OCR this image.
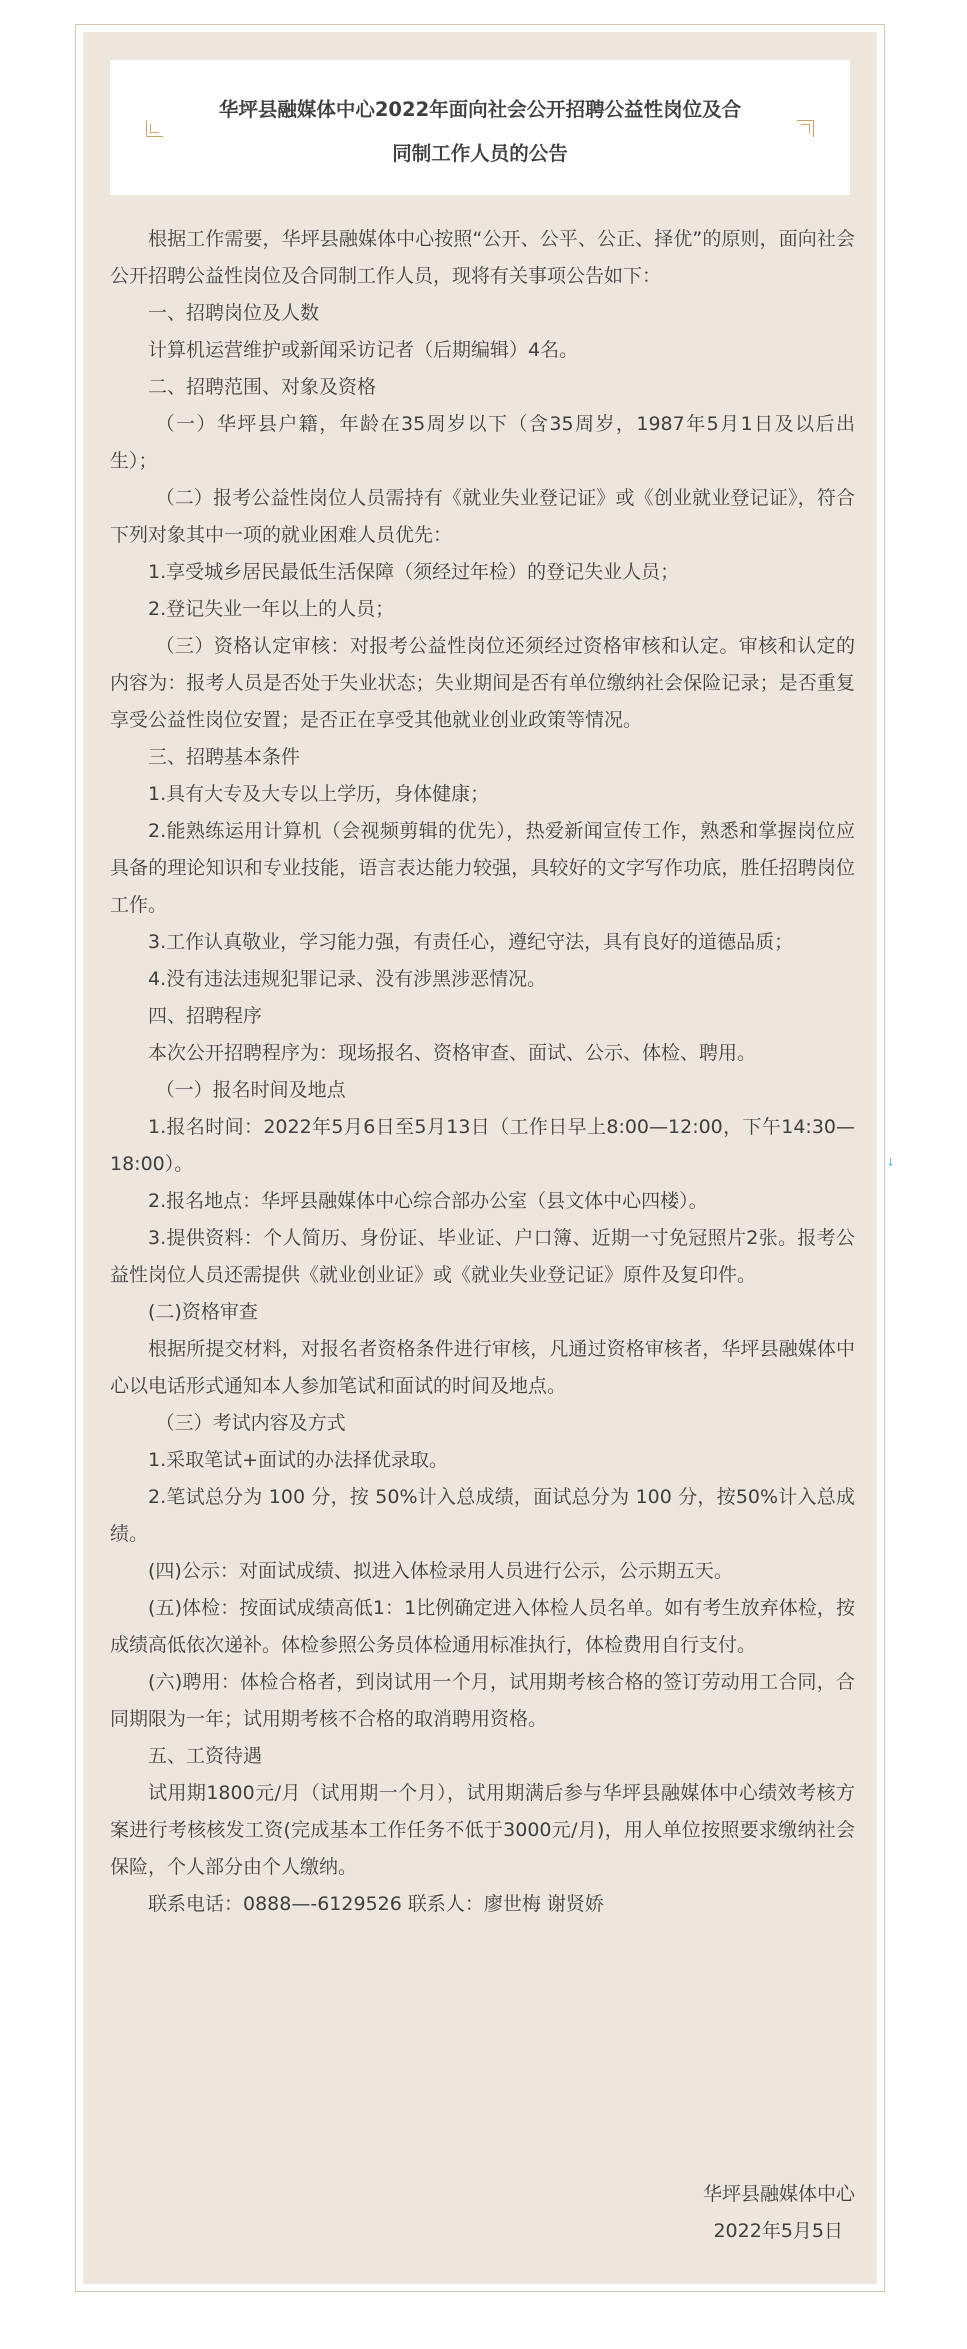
华坪县融媒体中心2022年面向社会公开招聘公益性岗位及合
同制工作人员的公告

根据工作需要，华坪县融媒体中心按照“公开、公平、公正、择优”的原则，面向社会公开招聘公益性岗位及合同制工作人员，现将有关事项公告如下：

一、招聘岗位及人数

计算机运营维护或新闻采访记者（后期编辑）4名。

二、招聘范围、对象及资格

（一）华坪县户籍，年龄在35周岁以下（含35周岁，1987年5月1日及以后出生）；

（二）报考公益性岗位人员需持有《就业失业登记证》或《创业就业登记证》，符合下列对象其中一项的就业困难人员优先：

1.享受城乡居民最低生活保障（须经过年检）的登记失业人员；

2.登记失业一年以上的人员；

（三）资格认定审核：对报考公益性岗位还须经过资格审核和认定。审核和认定的内容为：报考人员是否处于失业状态；失业期间是否有单位缴纳社会保险记录；是否重复享受公益性岗位安置；是否正在享受其他就业创业政策等情况。

三、招聘基本条件

1.具有大专及大专以上学历，身体健康；

2.能熟练运用计算机（会视频剪辑的优先），热爱新闻宣传工作，熟悉和掌握岗位应具备的理论知识和专业技能，语言表达能力较强，具较好的文字写作功底，胜任招聘岗位工作。

3.工作认真敬业，学习能力强，有责任心，遵纪守法，具有良好的道德品质；

4.没有违法违规犯罪记录、没有涉黑涉恶情况。

四、招聘程序

本次公开招聘程序为：现场报名、资格审查、面试、公示、体检、聘用。

（一）报名时间及地点

1.报名时间：2022年5月6日至5月13日（工作日早上8:00—12:00，下午14:30—18:00）。

2.报名地点：华坪县融媒体中心综合部办公室（县文体中心四楼）。

3.提供资料：个人简历、身份证、毕业证、户口簿、近期一寸免冠照片2张。报考公益性岗位人员还需提供《就业创业证》或《就业失业登记证》原件及复印件。

(二)资格审查

根据所提交材料，对报名者资格条件进行审核，凡通过资格审核者，华坪县融媒体中心以电话形式通知本人参加笔试和面试的时间及地点。

（三）考试内容及方式

1.采取笔试+面试的办法择优录取。

2.笔试总分为 100 分，按 50%计入总成绩，面试总分为 100 分，按50%计入总成绩。

(四)公示：对面试成绩、拟进入体检录用人员进行公示，公示期五天。

(五)体检：按面试成绩高低1：1比例确定进入体检人员名单。如有考生放弃体检，按成绩高低依次递补。体检参照公务员体检通用标准执行，体检费用自行支付。

(六)聘用：体检合格者，到岗试用一个月，试用期考核合格的签订劳动用工合同，合同期限为一年；试用期考核不合格的取消聘用资格。

五、工资待遇

试用期1800元/月（试用期一个月），试用期满后参与华坪县融媒体中心绩效考核方案进行考核核发工资(完成基本工作任务不低于3000元/月)，用人单位按照要求缴纳社会保险，个人部分由个人缴纳。

联系电话：0888—-6129526 联系人：廖世梅 谢贤娇

华坪县融媒体中心
2022年5月5日
↓
